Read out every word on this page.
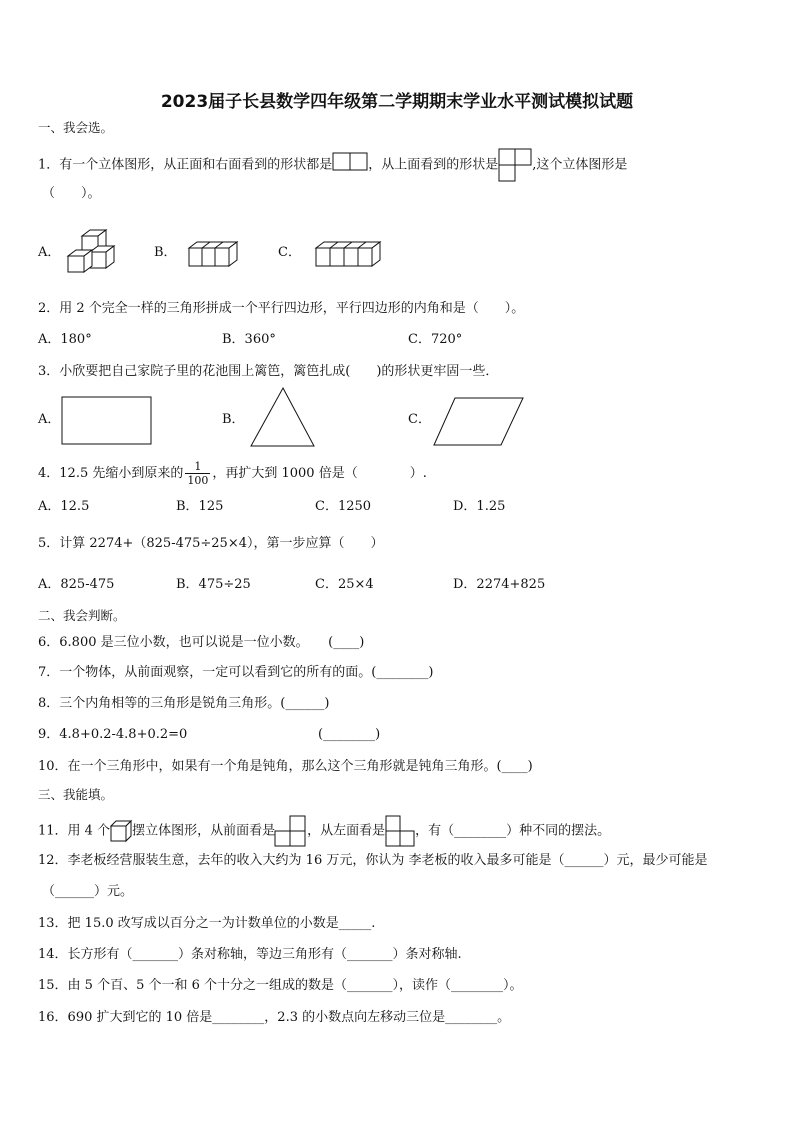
2023届子长县数学四年级第二学期期末学业水平测试模拟试题
一、我会选。
1．有一个立体图形，从正面和右面看到的形状都是	，从上面看到的形状是	,这个立体图形是
（　　）。
A．	B．	C．
2．用 2 个完全一样的三角形拼成一个平行四边形，平行四边形的内角和是（　　）。
A．180°	B．360°	C．720°
3．小欣要把自己家院子里的花池围上篱笆，篱笆扎成(　　)的形状更牢固一些．
A．	B．	C．
4．12.5 先缩小到原来的 $\frac{1}{100}$ ，再扩大到 1000 倍是（　　　　）.
A．12.5	B．125	C．1250	D．1.25
5．计算 2274+（825-475÷25×4），第一步应算（　　）
A．825-475	B．475÷25	C．25×4	D．2274+825
二、我会判断。
6．6.800 是三位小数，也可以说是一位小数。　　(____)
7．一个物体，从前面观察，一定可以看到它的所有的面。(________)
8．三个内角相等的三角形是锐角三角形。(______)
9．4.8+0.2-4.8+0.2=0	(________)
10．在一个三角形中，如果有一个角是钝角，那么这个三角形就是钝角三角形。(____)
三、我能填。
11．用 4 个 摆立体图形，从前面看是 ，从左面看是 ，有（________）种不同的摆法。
12．李老板经营服装生意，去年的收入大约为 16 万元，你认为 李老板的收入最多可能是（______）元，最少可能是
（______）元。
13．把 15.0 改写成以百分之一为计数单位的小数是_____.
14．长方形有（_______）条对称轴，等边三角形有（_______）条对称轴.
15．由 5 个百、5 个一和 6 个十分之一组成的数是（_______），读作（________）。
16．690 扩大到它的 10 倍是________，2.3 的小数点向左移动三位是________。
